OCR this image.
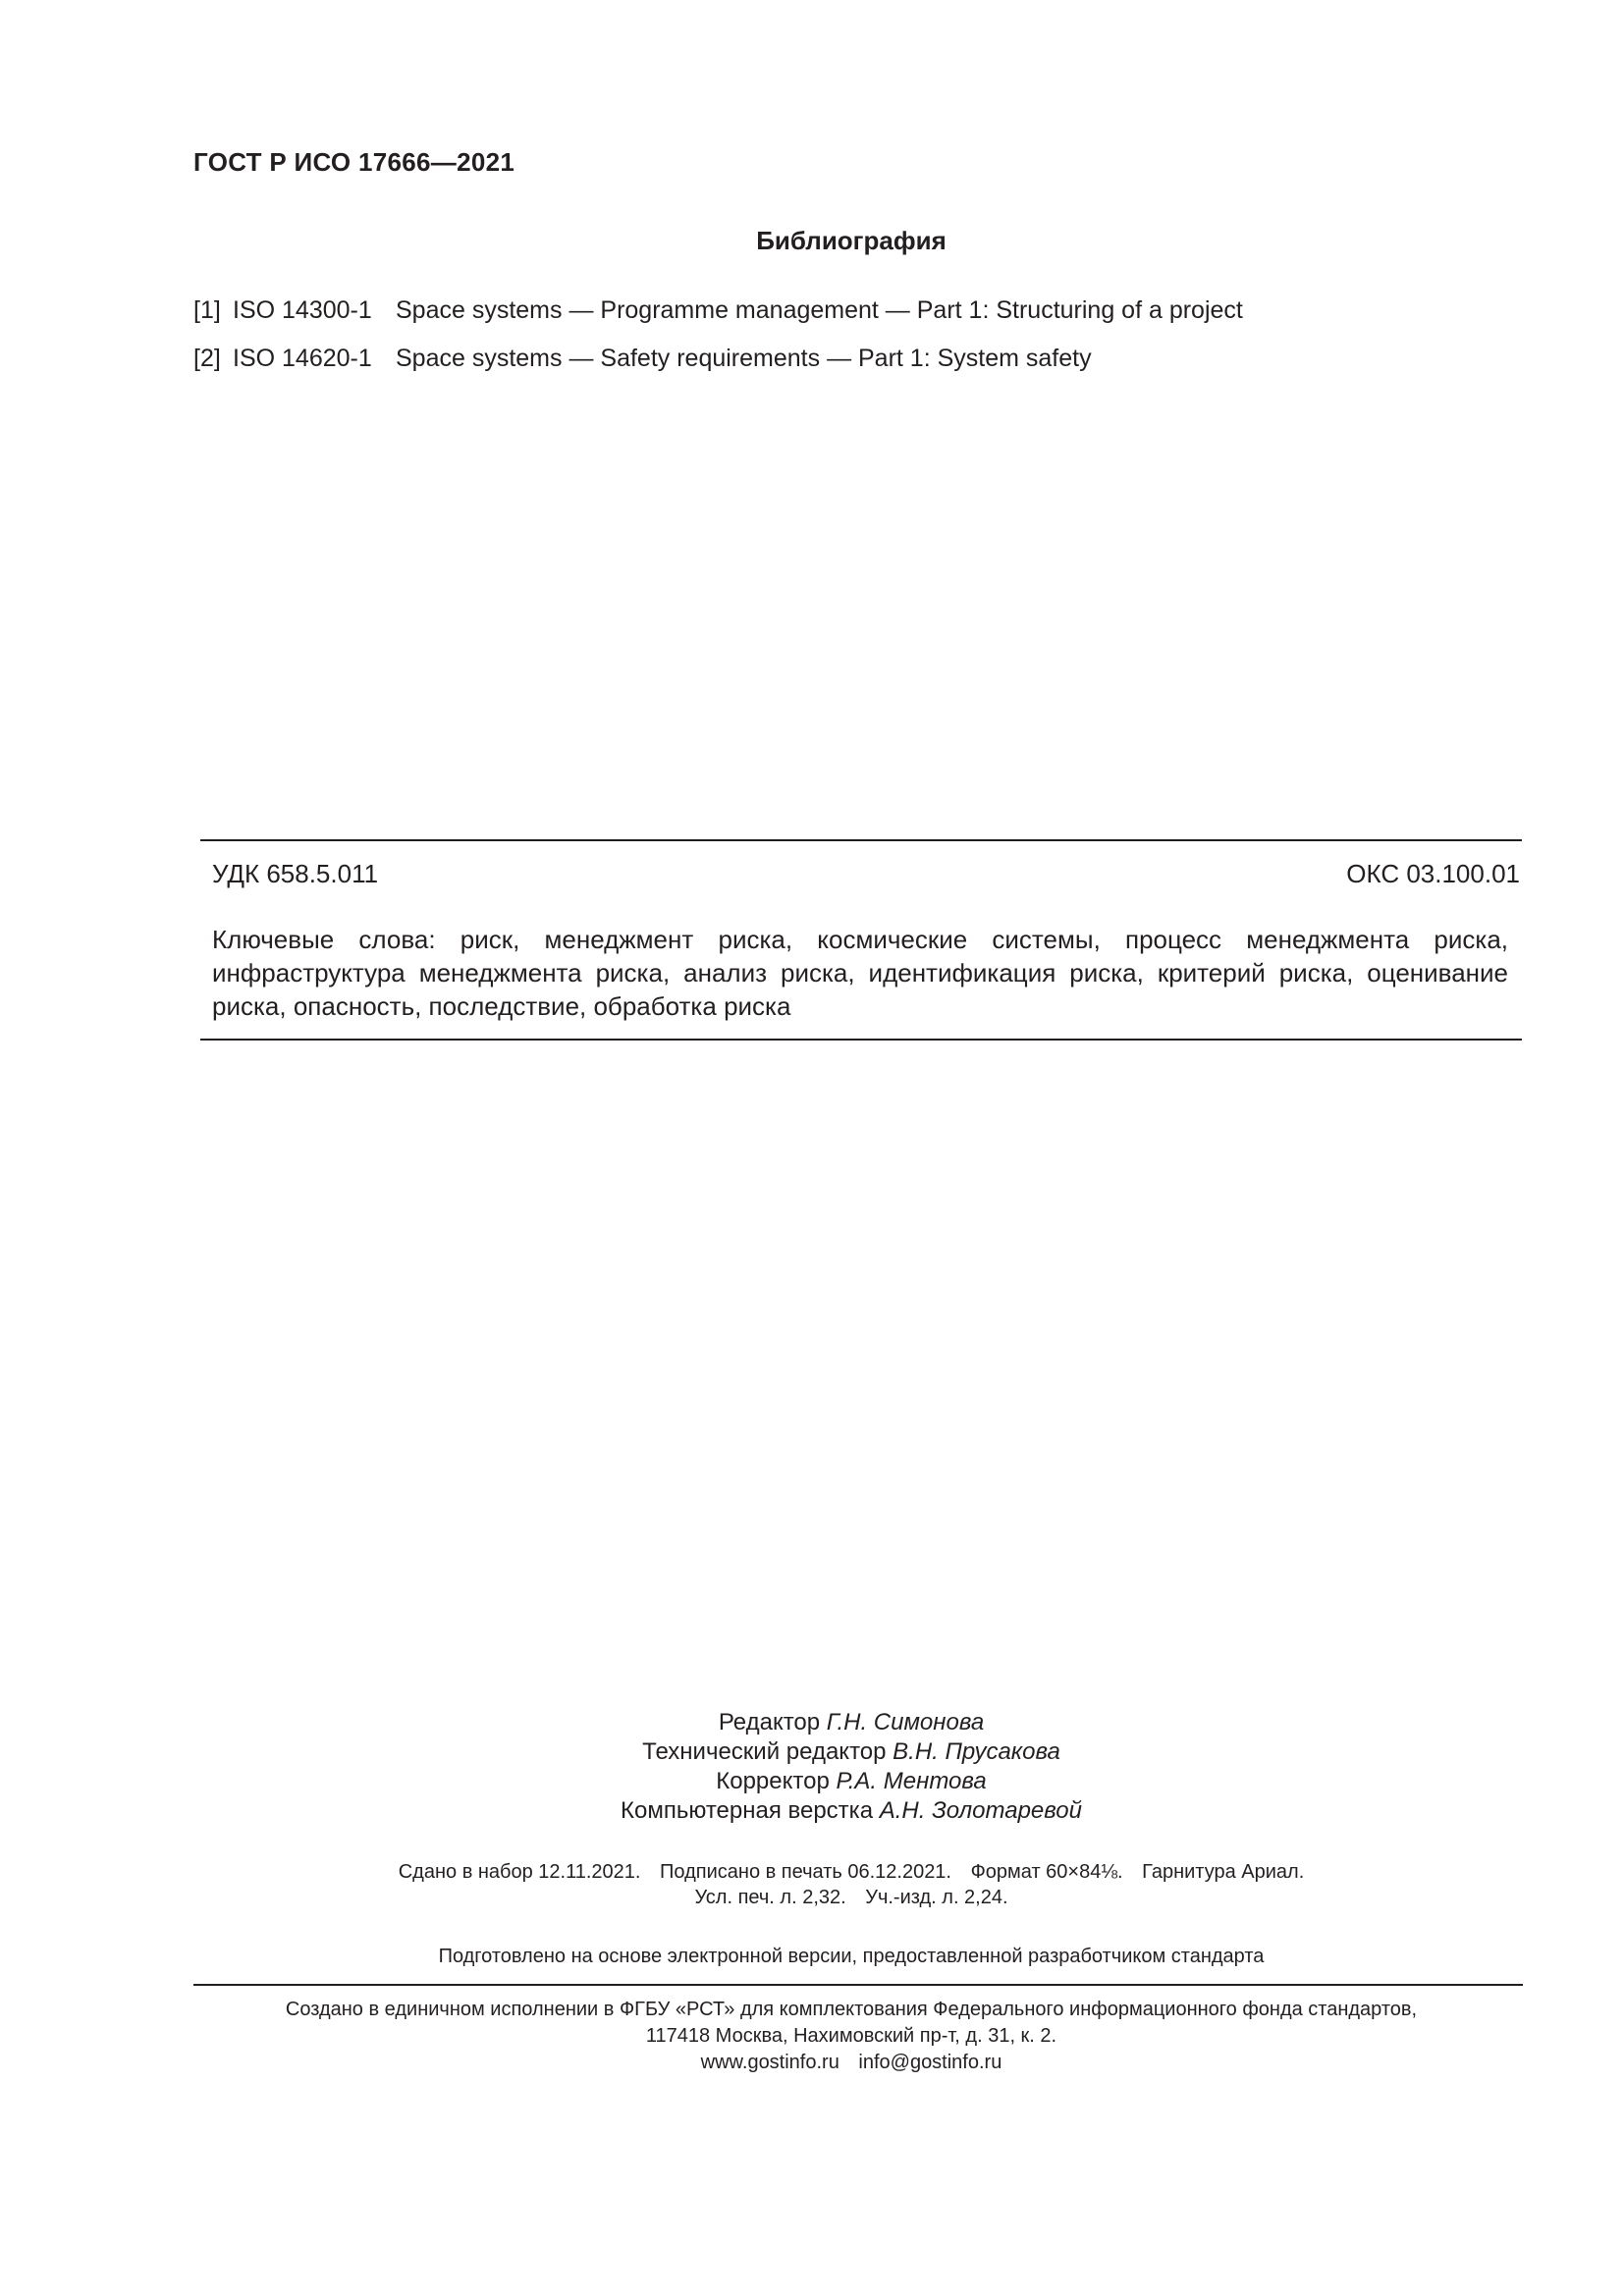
ГОСТ Р ИСО 17666—2021
Библиография
[1] ISO 14300-1 Space systems — Programme management — Part 1: Structuring of a project
[2] ISO 14620-1 Space systems — Safety requirements — Part 1: System safety
УДК 658.5.011	ОКС 03.100.01
Ключевые слова: риск, менеджмент риска, космические системы, процесс менеджмента риска, инфраструктура менеджмента риска, анализ риска, идентификация риска, критерий риска, оценивание риска, опасность, последствие, обработка риска
Редактор Г.Н. Симонова
Технический редактор В.Н. Прусакова
Корректор Р.А. Ментова
Компьютерная верстка А.Н. Золотаревой
Сдано в набор 12.11.2021. Подписано в печать 06.12.2021. Формат 60×84⅛. Гарнитура Ариал.
Усл. печ. л. 2,32. Уч.-изд. л. 2,24.
Подготовлено на основе электронной версии, предоставленной разработчиком стандарта
Создано в единичном исполнении в ФГБУ «РСТ» для комплектования Федерального информационного фонда стандартов,
117418 Москва, Нахимовский пр-т, д. 31, к. 2.
www.gostinfo.ru info@gostinfo.ru
